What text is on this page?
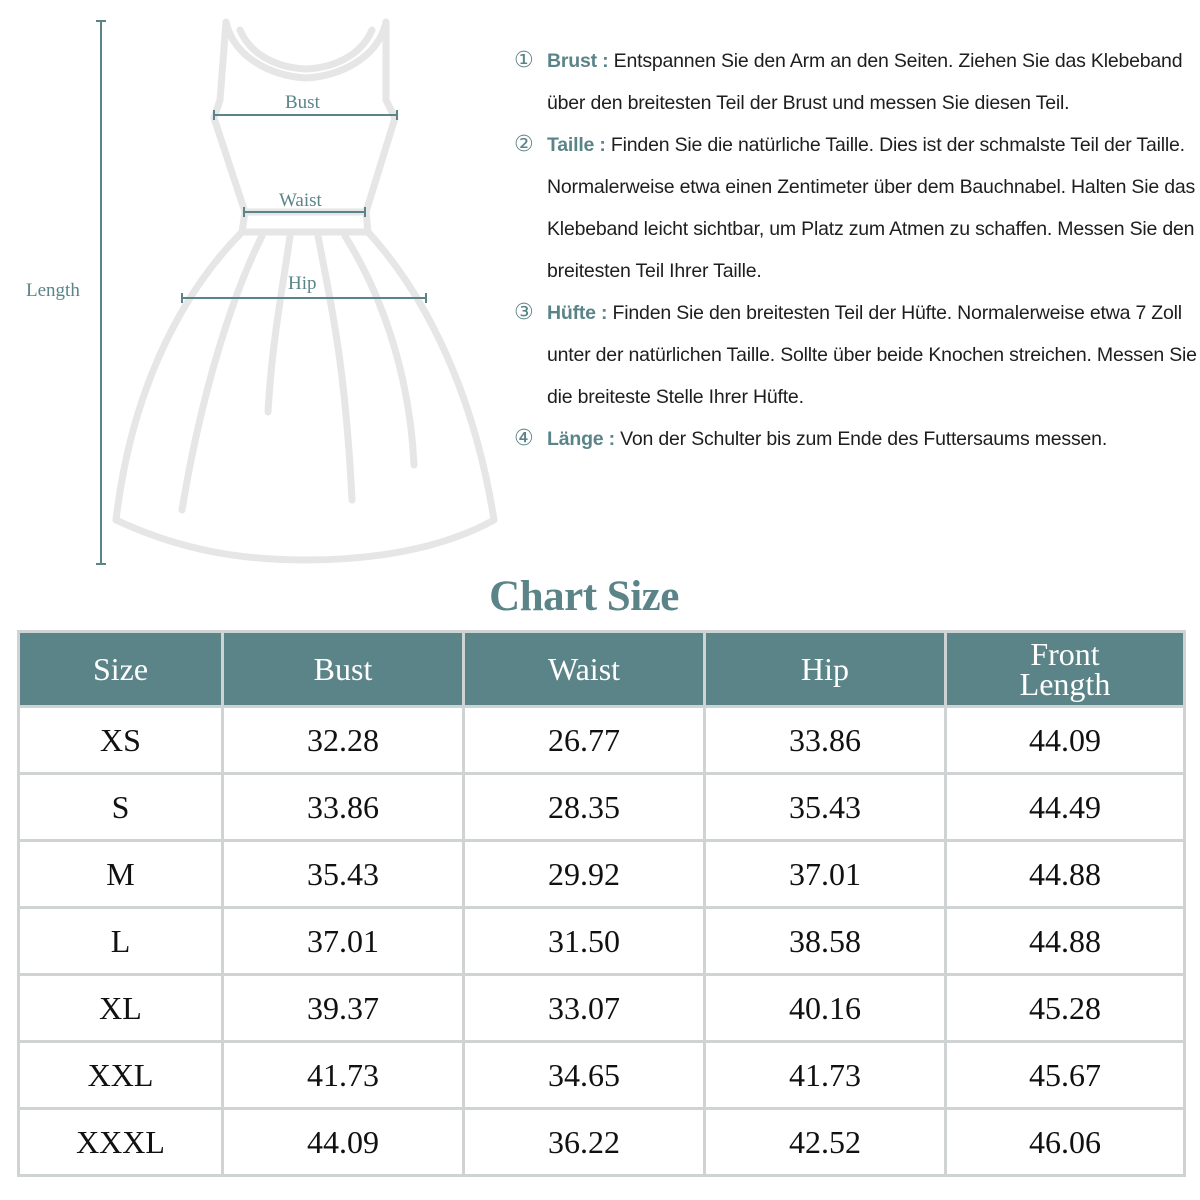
Bust
Waist
Hip
Length
① Brust : Entspannen Sie den Arm an den Seiten. Ziehen Sie das Klebeband über den breitesten Teil der Brust und messen Sie diesen Teil.
② Taille : Finden Sie die natürliche Taille. Dies ist der schmalste Teil der Taille. Normalerweise etwa einen Zentimeter über dem Bauchnabel. Halten Sie das Klebeband leicht sichtbar, um Platz zum Atmen zu schaffen. Messen Sie den breitesten Teil Ihrer Taille.
③ Hüfte : Finden Sie den breitesten Teil der Hüfte. Normalerweise etwa 7 Zoll unter der natürlichen Taille. Sollte über beide Knochen streichen. Messen Sie die breiteste Stelle Ihrer Hüfte.
④ Länge : Von der Schulter bis zum Ende des Futtersaums messen.
Chart Size
Size	Bust	Waist	Hip	Front
Length
XS	32.28	26.77	33.86	44.09
S	33.86	28.35	35.43	44.49
M	35.43	29.92	37.01	44.88
L	37.01	31.50	38.58	44.88
XL	39.37	33.07	40.16	45.28
XXL	41.73	34.65	41.73	45.67
XXXL	44.09	36.22	42.52	46.06
